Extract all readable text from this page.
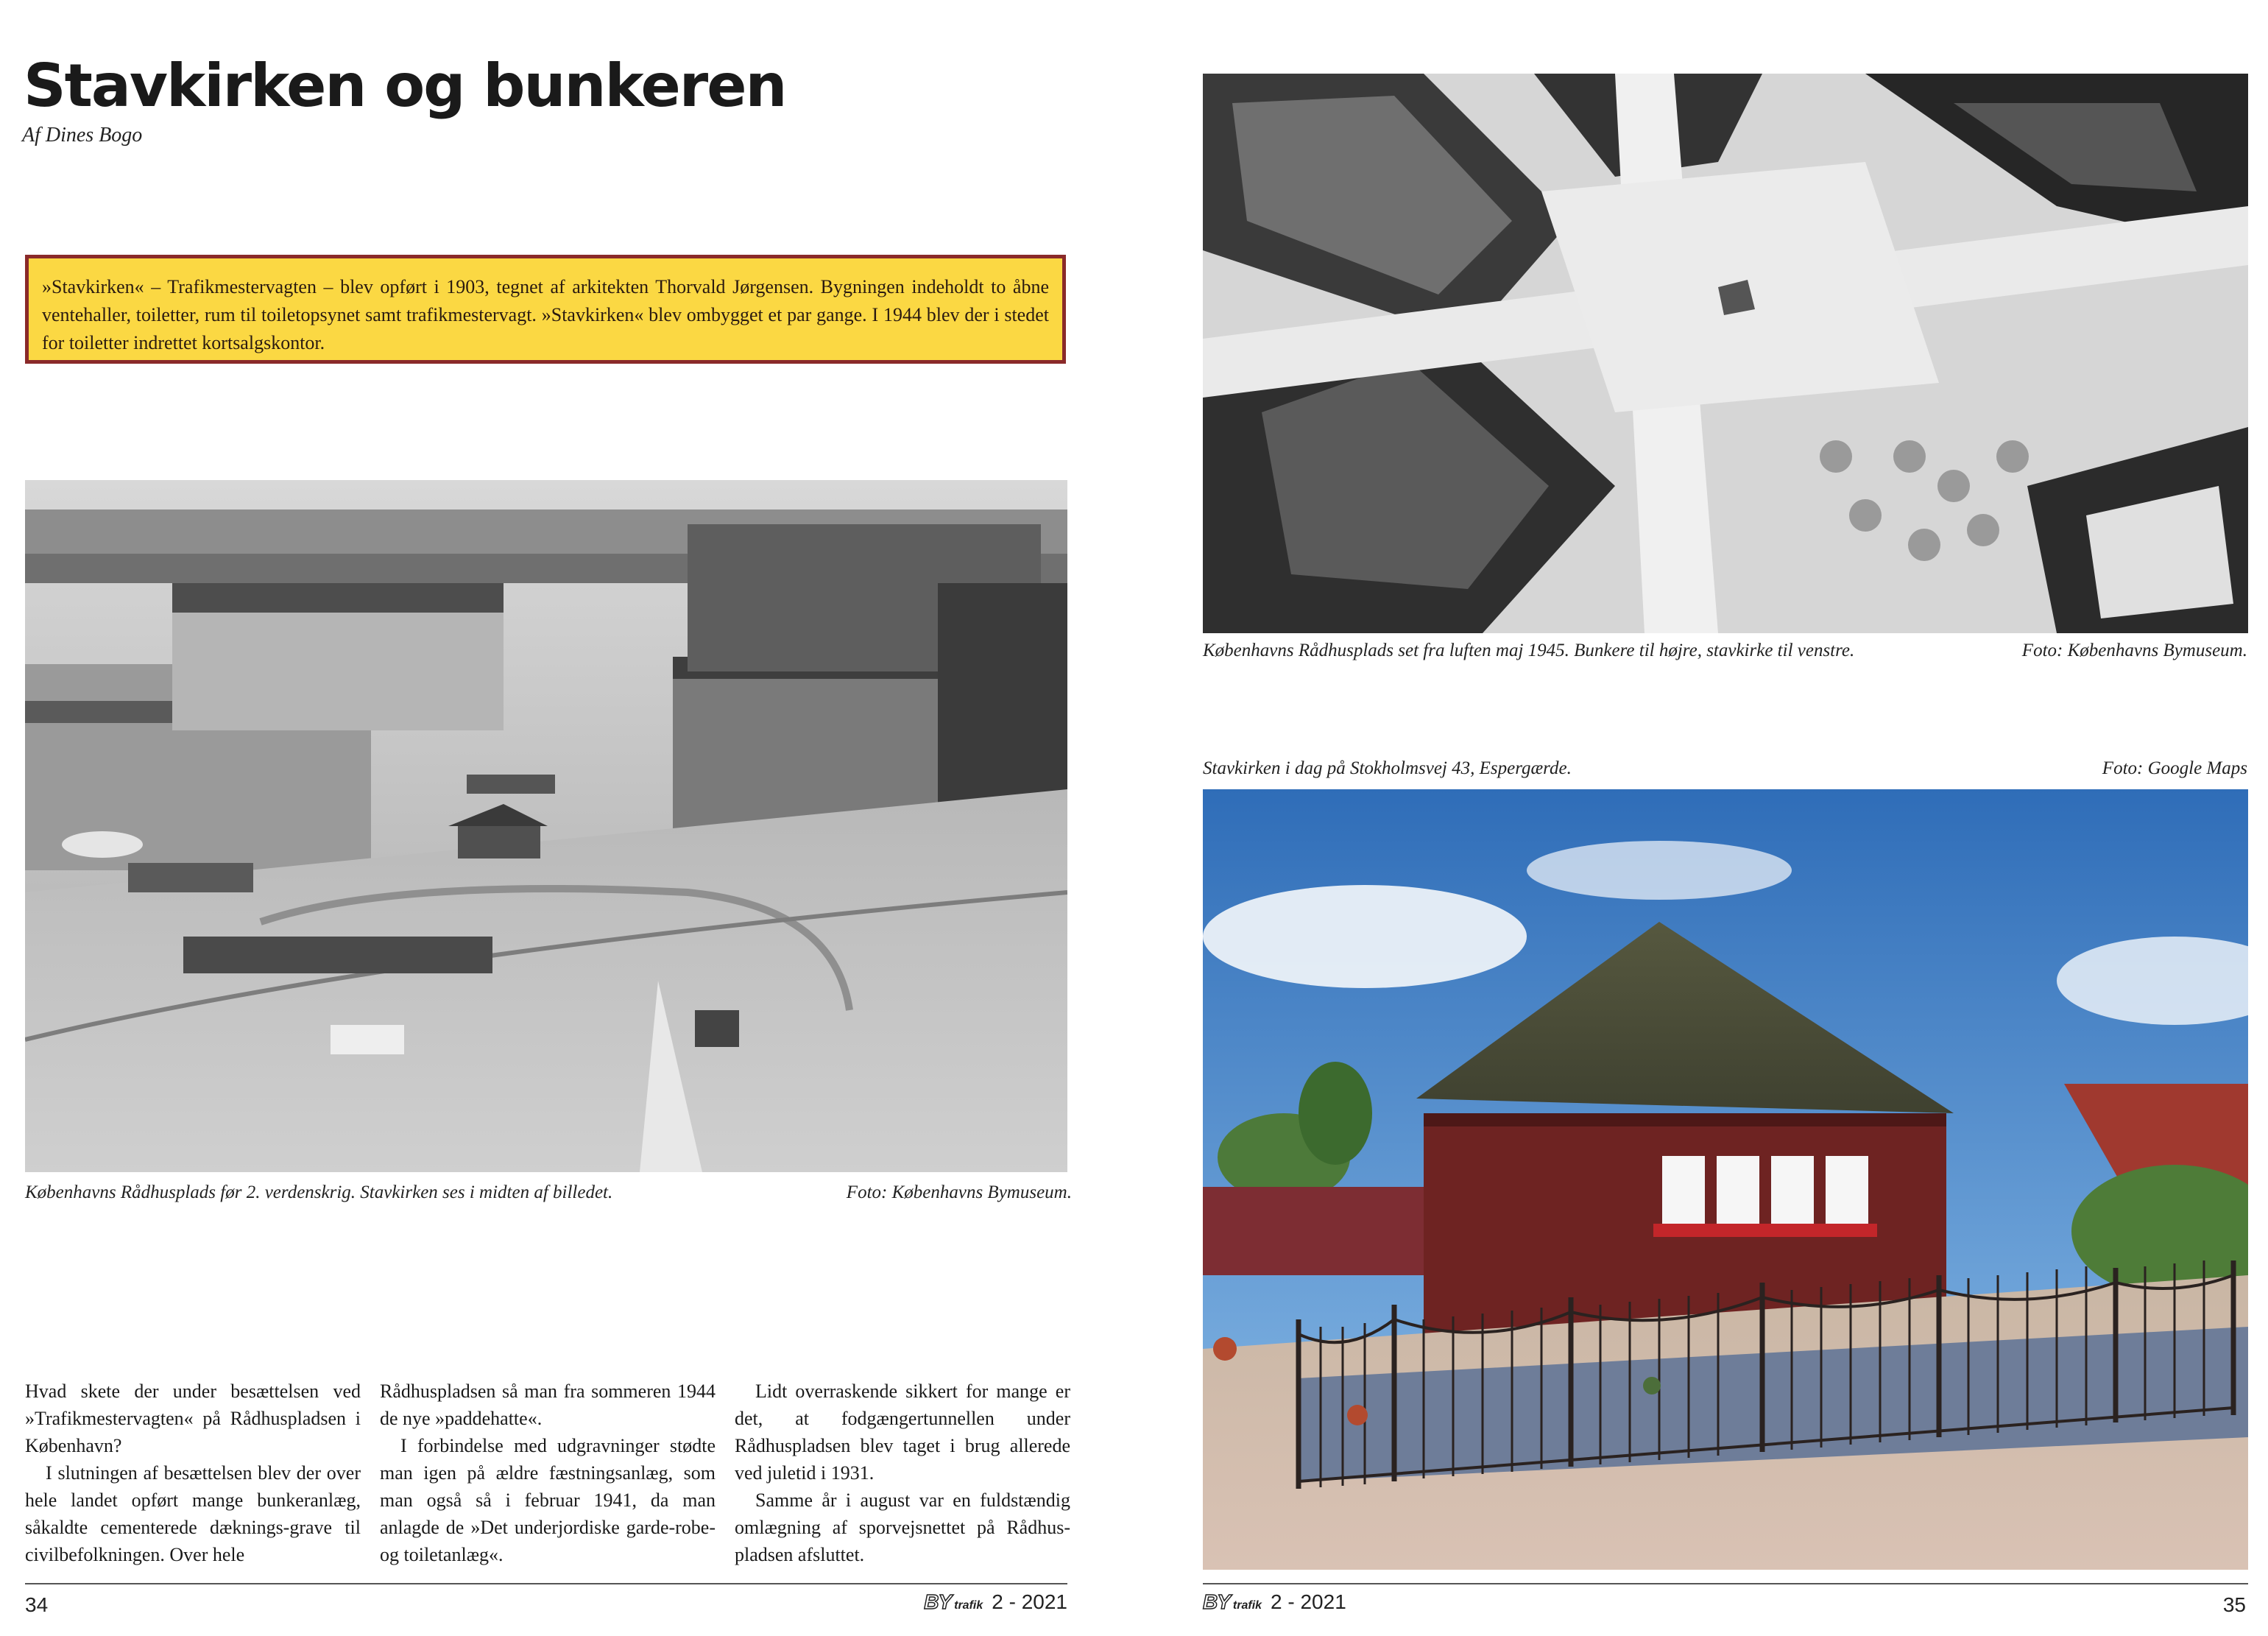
Stavkirken og bunkeren
Af Dines Bogo
»Stavkirken« – Trafikmestervagten – blev opført i 1903, tegnet af arkitekten Thorvald Jørgensen. Bygningen indeholdt to åbne ventehaller, toiletter, rum til toiletopsynet samt trafikmestervagt. »Stavkirken« blev ombygget et par gange. I 1944 blev der i stedet for toiletter indrettet kortsalgskontor.
Københavns Rådhusplads før 2. verdenskrig. Stavkirken ses i midten af billedet.	Foto: Københavns Bymuseum.

Hvad skete der under besættelsen ved »Trafikmestervagten« på Rådhuspladsen i København?

I slutningen af besættelsen blev der over hele landet opført mange bunkeranlæg, såkaldte cementerede dæknings-grave til civilbefolkningen. Over hele

Rådhuspladsen så man fra sommeren 1944 de nye »paddehatte«.

I forbindelse med udgravninger stødte man igen på ældre fæstningsanlæg, som man også så i februar 1941, da man anlagde de »Det underjordiske garde-robe- og toiletanlæg«.

Lidt overraskende sikkert for mange er det, at fodgængertunnellen under Rådhuspladsen blev taget i brug allerede ved juletid i 1931.

Samme år i august var en fuldstændig omlægning af sporvejsnettet på Rådhus-pladsen afsluttet.

34	BY trafik 2 - 2021
Københavns Rådhusplads set fra luften maj 1945. Bunkere til højre, stavkirke til venstre.	Foto: Københavns Bymuseum.
Stavkirken i dag på Stokholmsvej 43, Espergærde.	Foto: Google Maps
BY trafik 2 - 2021	35
